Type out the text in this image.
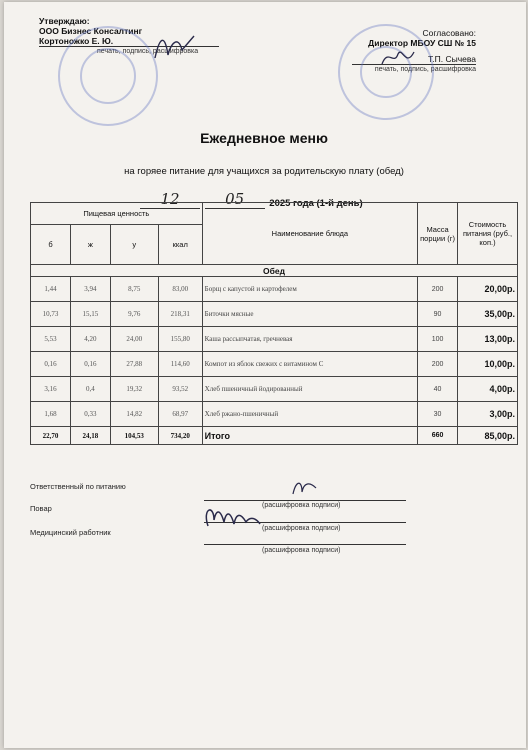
Утверждаю:
ООО Бизнес Консалтинг
Кортоножко Е. Ю.
печать, подпись, расшифровка
Согласовано:
Директор МБОУ СШ № 15
Т.П. Сычева
печать, подпись, расшифровка
Ежедневное меню
на горяее питание для учащихся за родительскую плату (обед)
12	05	2025 года (1-й день)
Пищевая ценность				Наименование блюда	Масса порции (г)	Стоимость питания (руб., коп.)
б	ж	у	ккал			
Обед						
1,44	3,94	8,75	83,00	Борщ с капустой и картофелем	200	20,00р.
10,73	15,15	9,76	218,31	Биточки мясные	90	35,00р.
5,53	4,20	24,00	155,80	Каша рассыпчатая, гречневая	100	13,00р.
0,16	0,16	27,88	114,60	Компот из яблок свежих с витамином С	200	10,00р.
3,16	0,4	19,32	93,52	Хлеб пшеничный йодированный	40	4,00р.
1,68	0,33	14,82	68,97	Хлеб ржано-пшеничный	30	3,00р.
22,70	24,18	104,53	734,20	Итого	660	85,00р.
Ответственный по питанию
Повар
Медицинский работник
(расшифровка подписи)
(расшифровка подписи)
(расшифровка подписи)
